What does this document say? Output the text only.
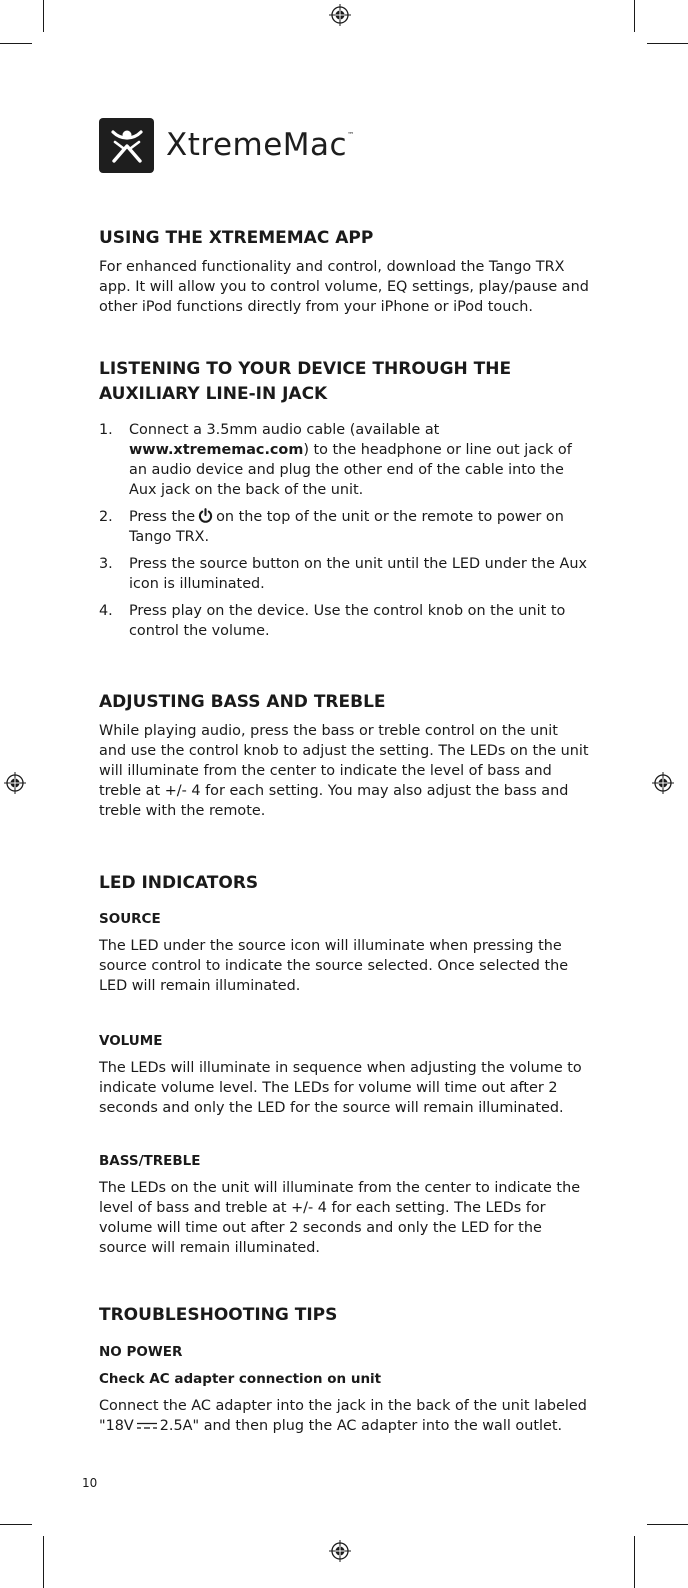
XtremeMac™
USING THE XTREMEMAC APP

For enhanced functionality and control, download the Tango TRX app. It will allow you to control volume, EQ settings, play/pause and other iPod functions directly from your iPhone or iPod touch.

LISTENING TO YOUR DEVICE THROUGH THE
AUXILIARY LINE-IN JACK
1. Connect a 3.5mm audio cable (available at www.xtrememac.com) to the headphone or line out jack of an audio device and plug the other end of the cable into the Aux jack on the back of the unit.
2. Press the on the top of the unit or the remote to power on Tango TRX.
3. Press the source button on the unit until the LED under the Aux icon is illuminated.
4. Press play on the device. Use the control knob on the unit to control the volume.
ADJUSTING BASS AND TREBLE

While playing audio, press the bass or treble control on the unit and use the control knob to adjust the setting. The LEDs on the unit will illuminate from the center to indicate the level of bass and treble at +/- 4 for each setting. You may also adjust the bass and treble with the remote.

LED INDICATORS
SOURCE

The LED under the source icon will illuminate when pressing the source control to indicate the source selected. Once selected the LED will remain illuminated.

VOLUME

The LEDs will illuminate in sequence when adjusting the volume to indicate volume level. The LEDs for volume will time out after 2 seconds and only the LED for the source will remain illuminated.

BASS/TREBLE

The LEDs on the unit will illuminate from the center to indicate the level of bass and treble at +/- 4 for each setting. The LEDs for volume will time out after 2 seconds and only the LED for the source will remain illuminated.

TROUBLESHOOTING TIPS
NO POWER
Check AC adapter connection on unit

Connect the AC adapter into the jack in the back of the unit labeled "18V 2.5A" and then plug the AC adapter into the wall outlet.

10
